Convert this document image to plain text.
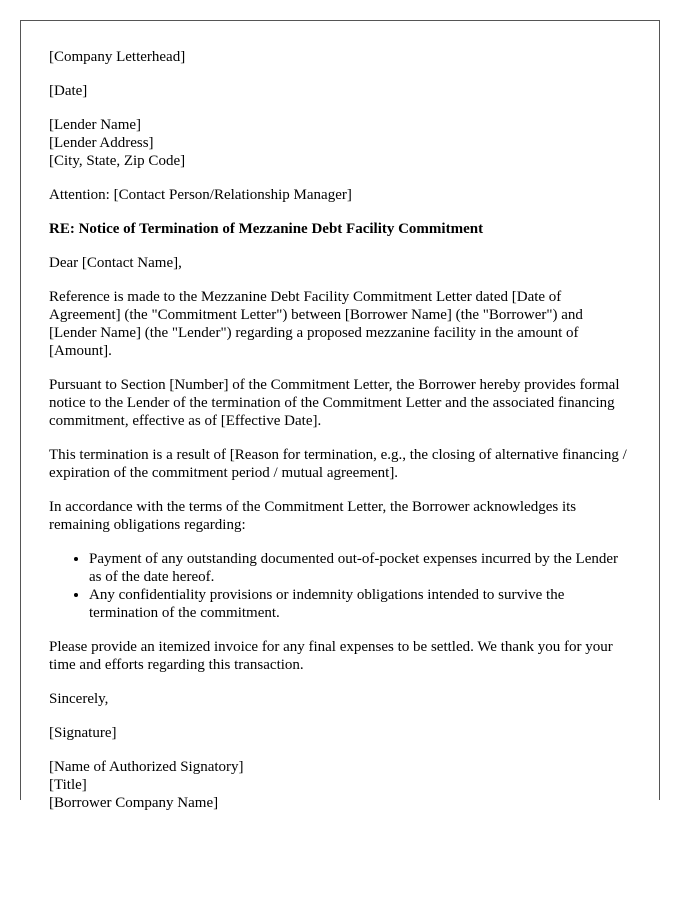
[Company Letterhead]

[Date]

[Lender Name]
[Lender Address]
[City, State, Zip Code]

Attention: [Contact Person/Relationship Manager]

RE: Notice of Termination of Mezzanine Debt Facility Commitment

Dear [Contact Name],

Reference is made to the Mezzanine Debt Facility Commitment Letter dated [Date of Agreement] (the "Commitment Letter") between [Borrower Name] (the "Borrower") and [Lender Name] (the "Lender") regarding a proposed mezzanine facility in the amount of [Amount].

Pursuant to Section [Number] of the Commitment Letter, the Borrower hereby provides formal notice to the Lender of the termination of the Commitment Letter and the associated financing commitment, effective as of [Effective Date].

This termination is a result of [Reason for termination, e.g., the closing of alternative financing / expiration of the commitment period / mutual agreement].

In accordance with the terms of the Commitment Letter, the Borrower acknowledges its remaining obligations regarding:

• Payment of any outstanding documented out-of-pocket expenses incurred by the Lender as of the date hereof.
• Any confidentiality provisions or indemnity obligations intended to survive the termination of the commitment.

Please provide an itemized invoice for any final expenses to be settled. We thank you for your time and efforts regarding this transaction.

Sincerely,

[Signature]

[Name of Authorized Signatory]
[Title]
[Borrower Company Name]
